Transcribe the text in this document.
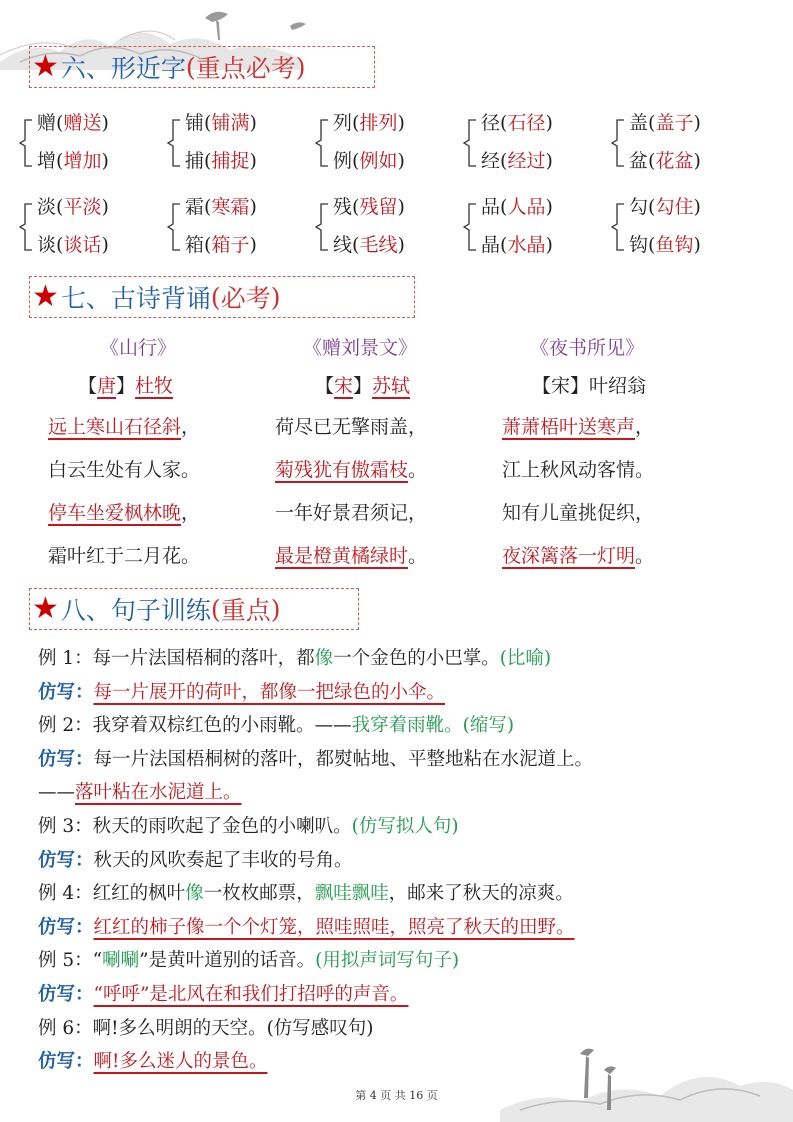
★ 六、形近字 ( 重点必考 )
赠(赠送)
增(增加)
铺(铺满)
捕(捕捉)
列(排列)
例(例如)
径(石径)
经(经过)
盖(盖子)
盆(花盆)
淡(平淡)
谈(谈话)
霜(寒霜)
箱(箱子)
残(残留)
线(毛线)
品(人品)
晶(水晶)
勾(勾住)
钩(鱼钩)
★ 七、古诗背诵 ( 必考 )
《山行》
【唐】杜牧
远上寒山石径斜，
白云生处有人家。
停车坐爱枫林晚，
霜叶红于二月花。
《赠刘景文》
【宋】苏轼
荷尽已无擎雨盖，
菊残犹有傲霜枝。
一年好景君须记，
最是橙黄橘绿时。
《夜书所见》
【宋】叶绍翁
萧萧梧叶送寒声，
江上秋风动客情。
知有儿童挑促织，
夜深篱落一灯明。
★ 八、句子训练 ( 重点 )
例 1：每一片法国梧桐的落叶，都像一个金色的小巴掌。(比喻)
仿写：每一片展开的荷叶，都像一把绿色的小伞。
例 2：我穿着双棕红色的小雨靴。——我穿着雨靴。(缩写)
仿写：每一片法国梧桐树的落叶，都熨帖地、平整地粘在水泥道上。
——落叶粘在水泥道上。
例 3：秋天的雨吹起了金色的小喇叭。(仿写拟人句)
仿写：秋天的风吹奏起了丰收的号角。
例 4：红红的枫叶像一枚枚邮票，飘哇飘哇，邮来了秋天的凉爽。
仿写：红红的柿子像一个个灯笼，照哇照哇，照亮了秋天的田野。
例 5：“唰唰”是黄叶道别的话音。(用拟声词写句子)
仿写：“呼呼”是北风在和我们打招呼的声音。
例 6：啊!多么明朗的天空。(仿写感叹句)
仿写：啊!多么迷人的景色。
第 4 页 共 16 页
